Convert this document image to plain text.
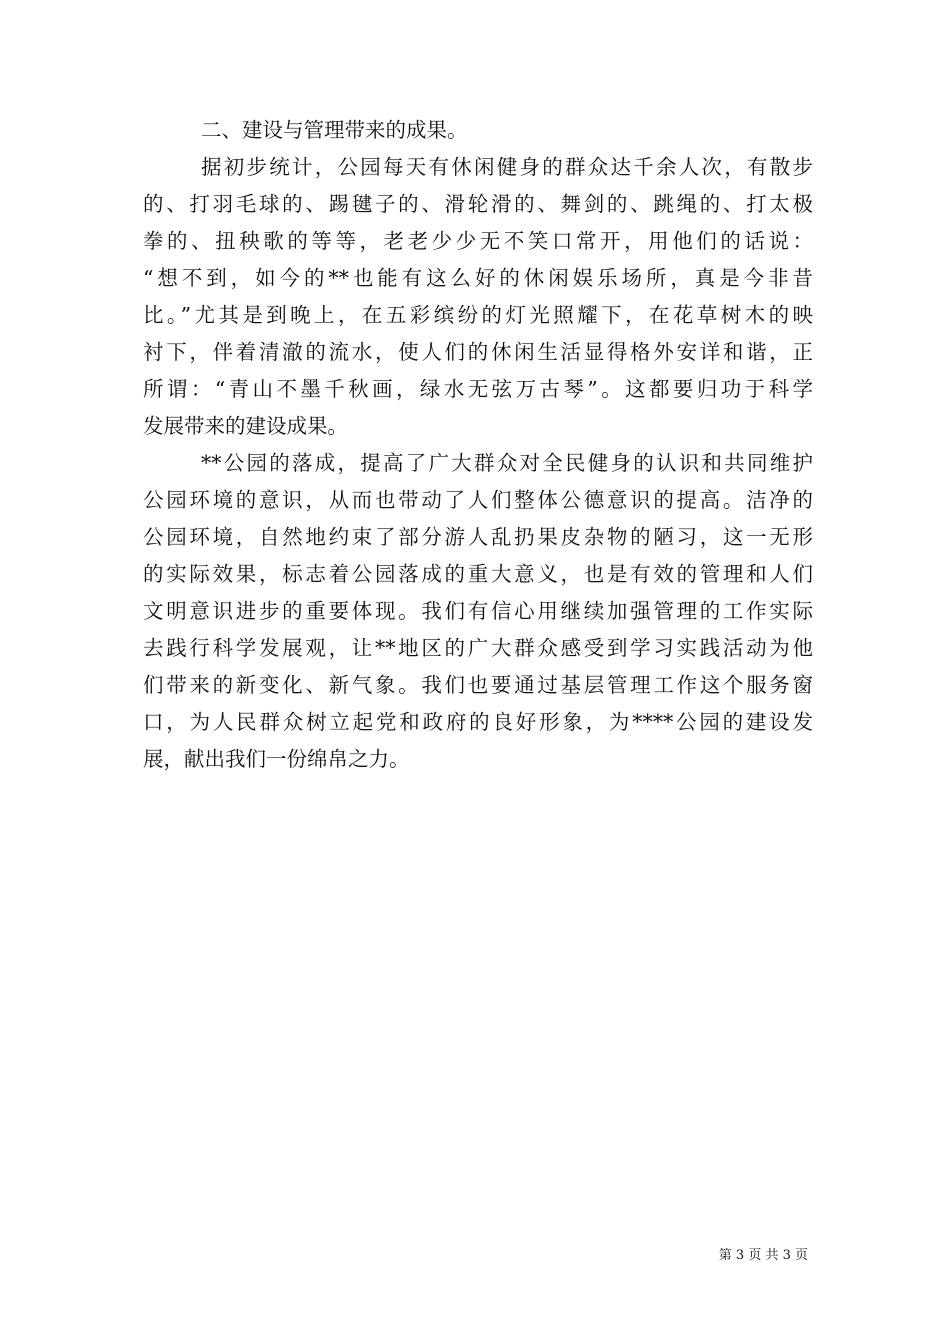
二、建设与管理带来的成果。
据初步统计，公园每天有休闲健身的群众达千余人次，有散步
的、打羽毛球的、踢毽子的、滑轮滑的、舞剑的、跳绳的、打太极
拳的、扭秧歌的等等，老老少少无不笑口常开，用他们的话说：
“想不到，如今的**也能有这么好的休闲娱乐场所，真是今非昔
比。”尤其是到晚上，在五彩缤纷的灯光照耀下，在花草树木的映
衬下，伴着清澈的流水，使人们的休闲生活显得格外安详和谐，正
所谓：“青山不墨千秋画，绿水无弦万古琴”。这都要归功于科学
发展带来的建设成果。
**公园的落成，提高了广大群众对全民健身的认识和共同维护
公园环境的意识，从而也带动了人们整体公德意识的提高。洁净的
公园环境，自然地约束了部分游人乱扔果皮杂物的陋习，这一无形
的实际效果，标志着公园落成的重大意义，也是有效的管理和人们
文明意识进步的重要体现。我们有信心用继续加强管理的工作实际
去践行科学发展观，让**地区的广大群众感受到学习实践活动为他
们带来的新变化、新气象。我们也要通过基层管理工作这个服务窗
口，为人民群众树立起党和政府的良好形象，为****公园的建设发
展，献出我们一份绵帛之力。
第 3 页 共 3 页
